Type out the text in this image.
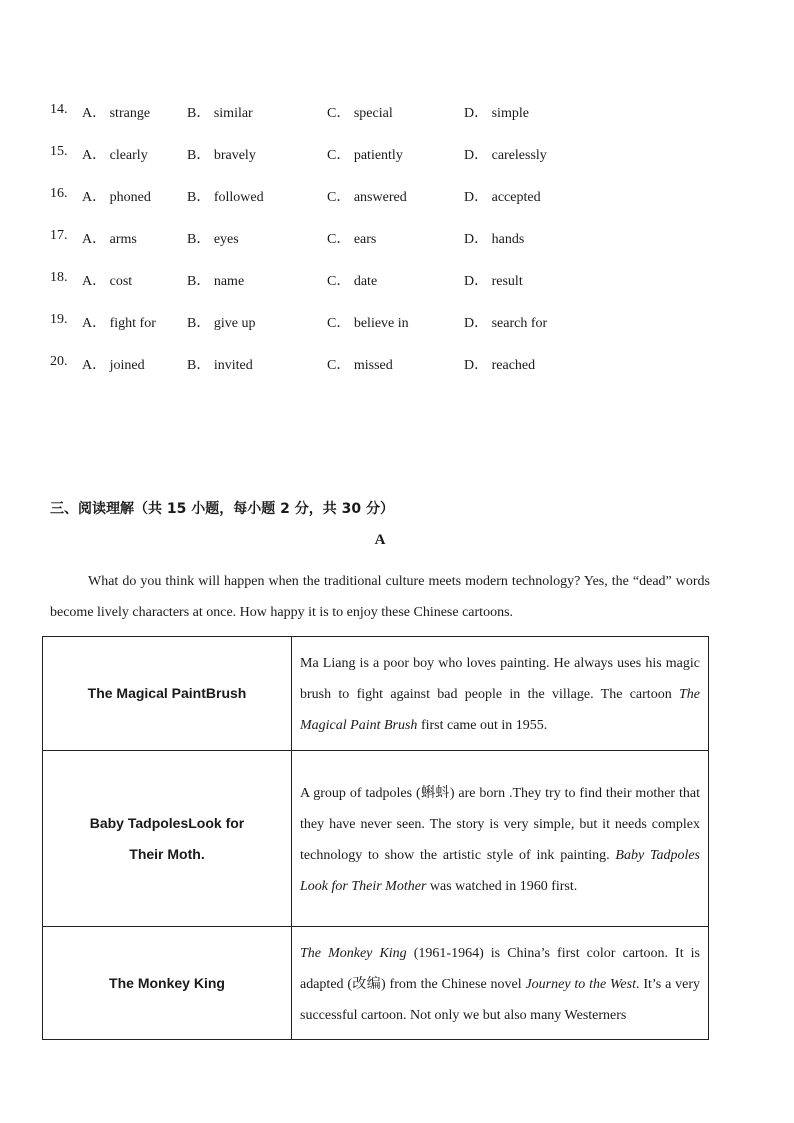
14. A． strange	B． similar	C． special	D． simple
15. A． clearly	B． bravely	C． patiently	D． carelessly
16. A． phoned	B． followed	C． answered	D． accepted
17. A． arms	B． eyes	C． ears	D． hands
18. A． cost	B． name	C． date	D． result
19. A． fight for B． give up	C． believe in	D． search for
20. A． joined	B． invited	C． missed	D． reached
三、阅读理解（共 15 小题，每小题 2 分，共 30 分）
A
What do you think will happen when the traditional culture meets modern technology? Yes, the “dead” words become lively characters at once. How happy it is to enjoy these Chinese cartoons.
The Magical PaintBrush	Ma Liang is a poor boy who loves painting. He always uses his magic brush to fight against bad people in the village. The cartoon The Magical Paint Brush first came out in 1955.
Baby TadpolesLook for
Their Moth.	A group of tadpoles (蝌蚪) are born .They try to find their mother that they have never seen. The story is very simple, but it needs complex technology to show the artistic style of ink painting. Baby Tadpoles Look for Their Mother was watched in 1960 first.
The Monkey King	The Monkey King (1961-1964) is China’s first color cartoon. It is adapted (改编) from the Chinese novel Journey to the West. It’s a very successful cartoon. Not only we but also many Westerners
